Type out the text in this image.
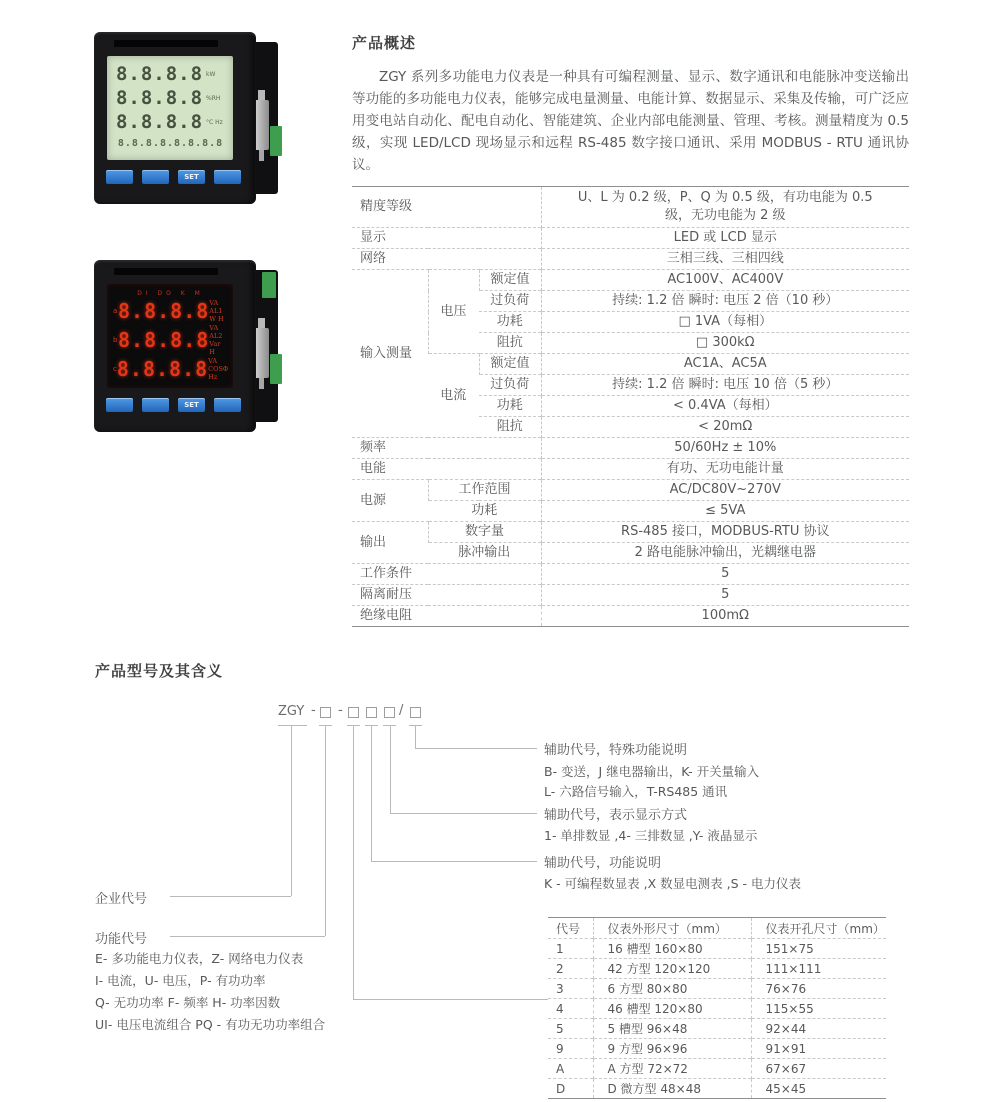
8.8.8.8 kW
8.8.8.8 %RH
8.8.8.8 °C Hz
8.8.8.8.8.8.8.8
SET
DI DO K M
a 8.8.8.8 VA AL1
W H
b 8.8.8.8 VA AL2
Var H
c 8.8.8.8 VA
COSΦ Hz
SET
产品概述

ZGY 系列多功能电力仪表是一种具有可编程测量、显示、数字通讯和电能脉冲变送输出等功能的多功能电力仪表，能够完成电量测量、电能计算、数据显示、采集及传输，可广泛应用变电站自动化、配电自动化、智能建筑、企业内部电能测量、管理、考核。测量精度为 0.5 级，实现 LED/LCD 现场显示和远程 RS-485 数字接口通讯、采用 MODBUS - RTU 通讯协议。

精度等级			U、L 为 0.2 级，P、Q 为 0.5 级，有功电能为 0.5 级，无功电能为 2 级
显示			LED 或 LCD 显示
网络			三相三线、三相四线
输入测量	电压	额定值	AC100V、AC400V
		过负荷	持续: 1.2 倍 瞬时: 电压 2 倍（10 秒）
		功耗	□ 1VA（每相）
		阻抗	□ 300kΩ
	电流	额定值	AC1A、AC5A
		过负荷	持续: 1.2 倍 瞬时: 电压 10 倍（5 秒）
		功耗	< 0.4VA（每相）
		阻抗	< 20mΩ
频率			50/60Hz ± 10%
电能			有功、无功电能计量
电源	工作范围		AC/DC80V~270V
	功耗		≤ 5VA
输出	数字量		RS-485 接口，MODBUS-RTU 协议
	脉冲输出		2 路电能脉冲输出，光耦继电器
工作条件			5
隔离耐压			5
绝缘电阻			100mΩ
产品型号及其含义
ZGY - -	/
辅助代号，特殊功能说明
B- 变送，J 继电器输出，K- 开关量输入
L- 六路信号输入，T-RS485 通讯
辅助代号，表示显示方式
1- 单排数显 ,4- 三排数显 ,Y- 液晶显示
辅助代号，功能说明
K - 可编程数显表 ,X 数显电测表 ,S - 电力仪表
企业代号
功能代号
E- 多功能电力仪表，Z- 网络电力仪表
I- 电流，U- 电压，P- 有功功率
Q- 无功功率 F- 频率 H- 功率因数
UI- 电压电流组合 PQ - 有功无功功率组合
代号	仪表外形尺寸（mm）	仪表开孔尺寸（mm）
1	16 槽型 160×80	151×75
2	42 方型 120×120	111×111
3	6 方型 80×80	76×76
4	46 槽型 120×80	115×55
5	5 槽型 96×48	92×44
9	9 方型 96×96	91×91
A	A 方型 72×72	67×67
D	D 微方型 48×48	45×45
